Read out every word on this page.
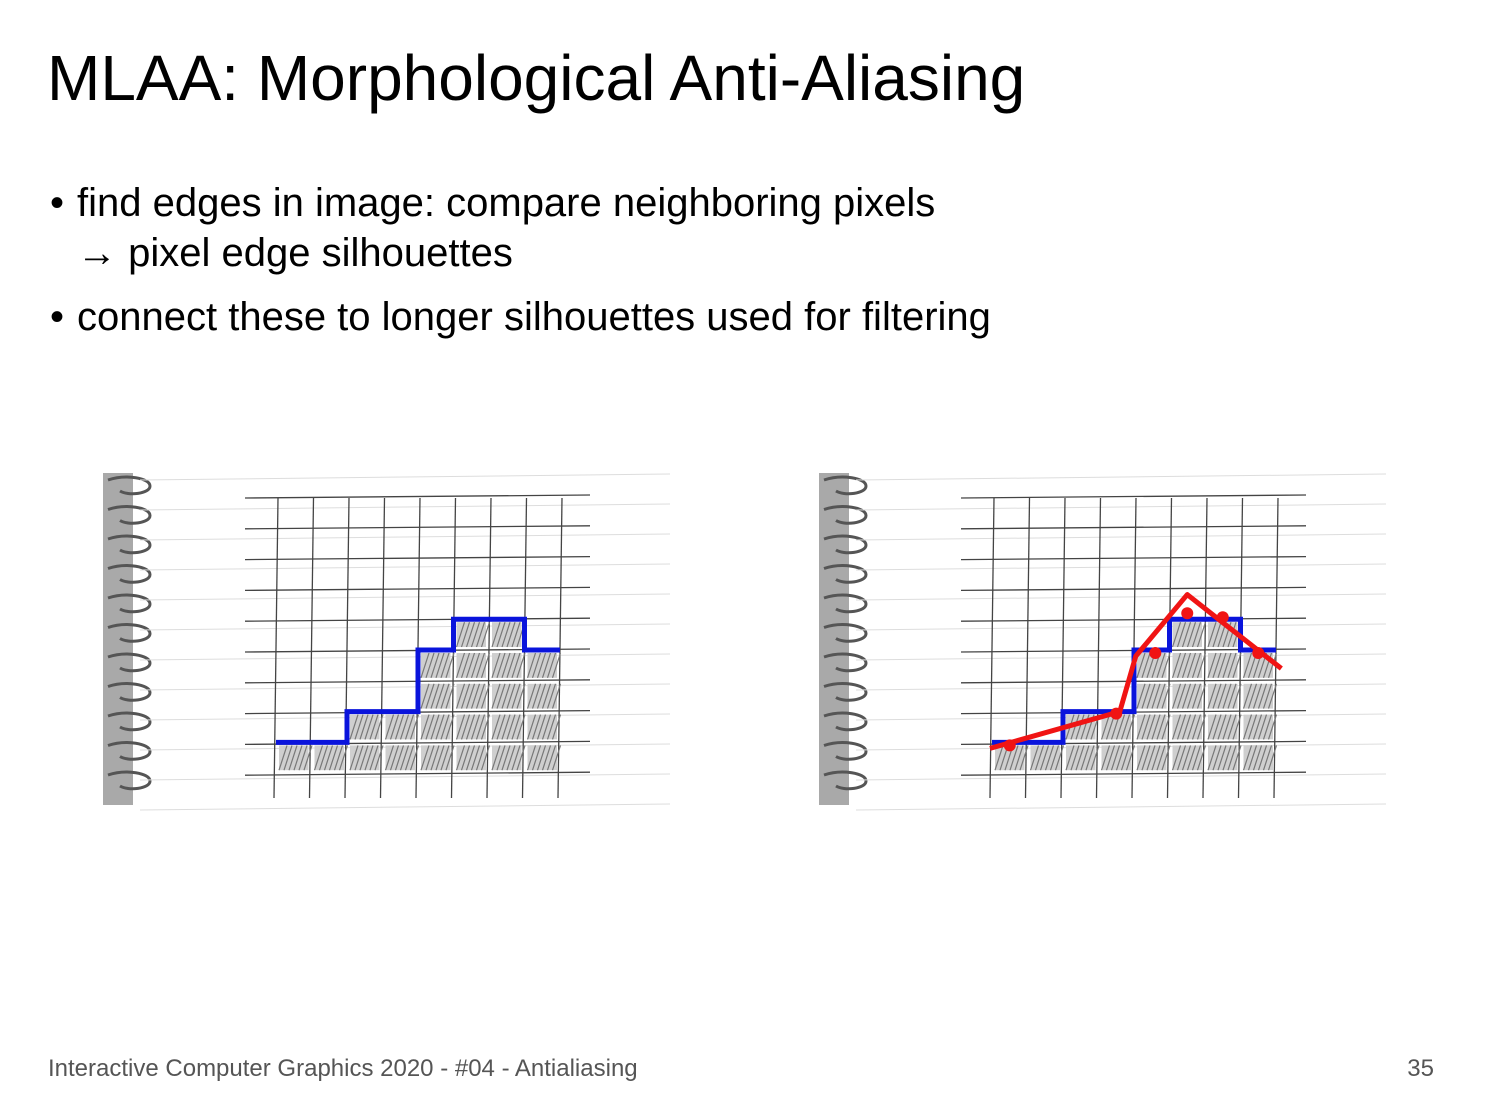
MLAA: Morphological Anti-Aliasing
• find edges in image: compare neighboring pixels
→ pixel edge silhouettes
• connect these to longer silhouettes used for filtering
Interactive Computer Graphics 2020 - #04 - Antialiasing	35
